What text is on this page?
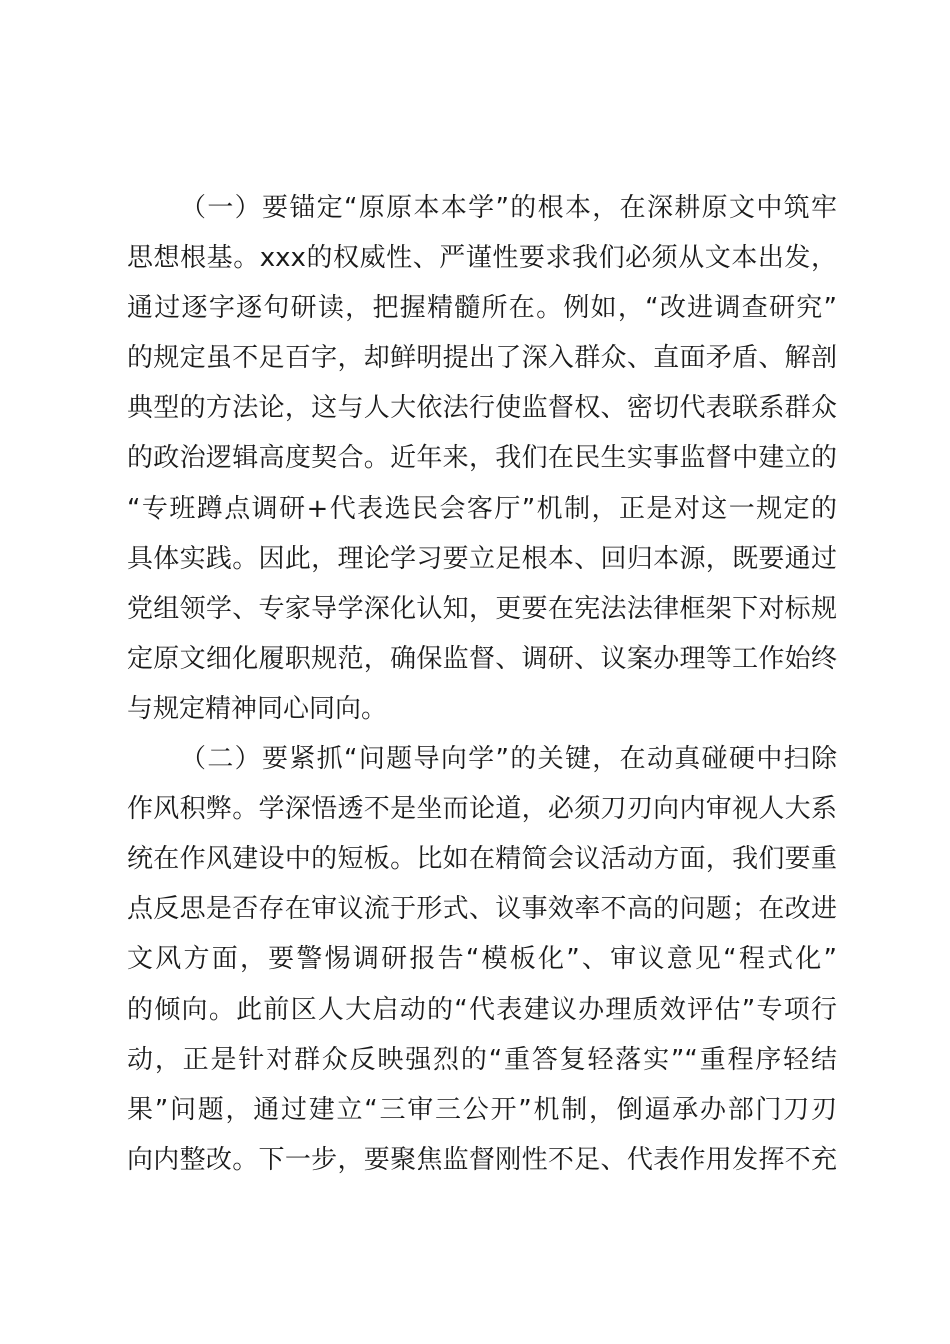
（一）要锚定“原原本本学”的根本，在深耕原文中筑牢
思想根基。xxx的权威性、严谨性要求我们必须从文本出发，
通过逐字逐句研读，把握精髓所在。例如，“改进调查研究”
的规定虽不足百字，却鲜明提出了深入群众、直面矛盾、解剖
典型的方法论，这与人大依法行使监督权、密切代表联系群众
的政治逻辑高度契合。近年来，我们在民生实事监督中建立的
“专班蹲点调研+代表选民会客厅”机制，正是对这一规定的
具体实践。因此，理论学习要立足根本、回归本源，既要通过
党组领学、专家导学深化认知，更要在宪法法律框架下对标规
定原文细化履职规范，确保监督、调研、议案办理等工作始终
与规定精神同心同向。
（二）要紧抓“问题导向学”的关键，在动真碰硬中扫除
作风积弊。学深悟透不是坐而论道，必须刀刃向内审视人大系
统在作风建设中的短板。比如在精简会议活动方面，我们要重
点反思是否存在审议流于形式、议事效率不高的问题；在改进
文风方面，要警惕调研报告“模板化”、审议意见“程式化”
的倾向。此前区人大启动的“代表建议办理质效评估”专项行
动，正是针对群众反映强烈的“重答复轻落实”“重程序轻结
果”问题，通过建立“三审三公开”机制，倒逼承办部门刀刃
向内整改。下一步，要聚焦监督刚性不足、代表作用发挥不充
